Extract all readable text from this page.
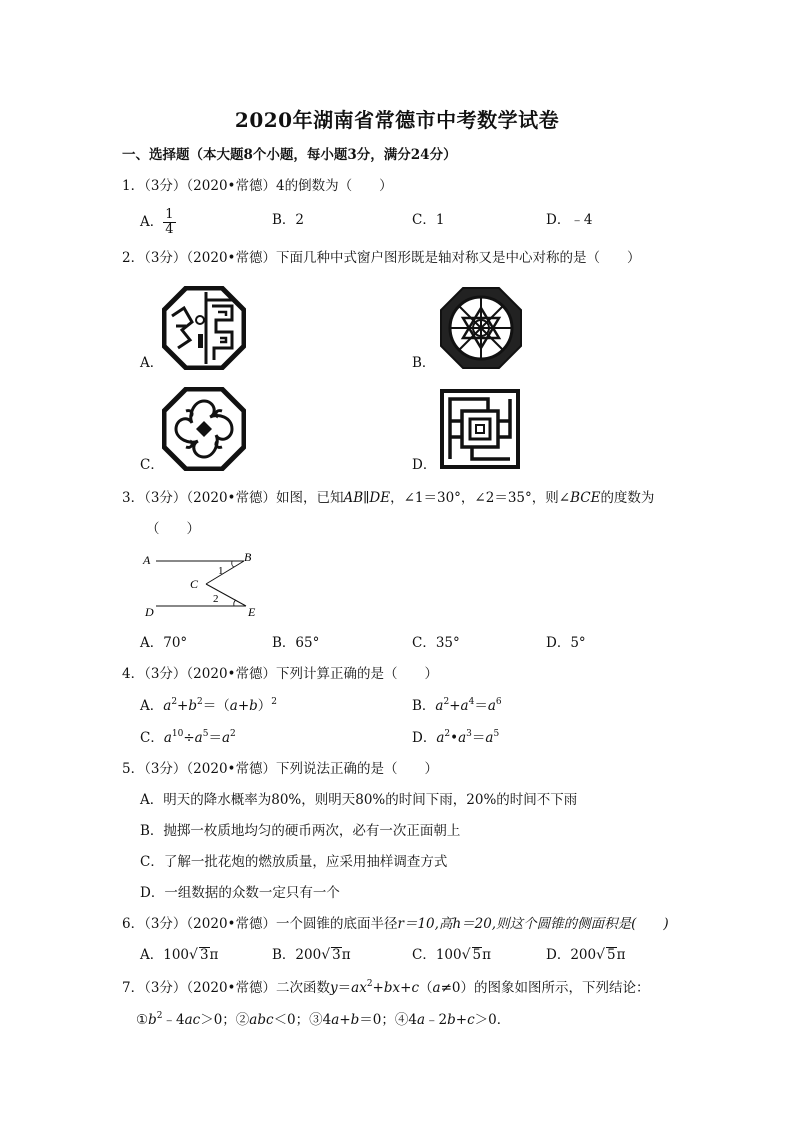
2020年湖南省常德市中考数学试卷
一、选择题（本大题8个小题，每小题3分，满分24分）
1．（3分）（2020•常德）4的倒数为（　　）
A． $\frac{1}{4}$	B．2	C．1	D．﹣4
2．（3分）（2020•常德）下面几种中式窗户图形既是轴对称又是中心对称的是（　　）
A．	B．
C．	D．
3．（3分）（2020•常德）如图，已知AB∥DE，∠1＝30°，∠2＝35°，则∠BCE的度数为
（　　）
A	B
C
D	E
1
2
A．70°	B．65°	C．35°	D．5°
4．（3分）（2020•常德）下列计算正确的是（　　）
A．$a^2+b^2=(a+b)^2$	B．$a^2+a^4=a^6$
C．$a^{10}\div a^5=a^2$	D．$a^2•a^3=a^5$
5．（3分）（2020•常德）下列说法正确的是（　　）
A．明天的降水概率为80%，则明天80%的时间下雨，20%的时间不下雨
B．抛掷一枚质地均匀的硬币两次，必有一次正面朝上
C．了解一批花炮的燃放质量，应采用抽样调查方式
D．一组数据的众数一定只有一个
6．（3分）（2020•常德）一个圆锥的底面半径r＝10,高h＝20,则这个圆锥的侧面积是(　　)
A．100√ 3π	B．200√ 3π	C．100√ 5π	D．200√ 5π
7．（3分）（2020•常德）二次函数$y=ax^2+bx+c(a\ne 0)$的图象如图所示，下列结论：
$①b^2﹣4ac>0$；②abc＜0；③4a+b＝0；④4a﹣2b+c＞0．
